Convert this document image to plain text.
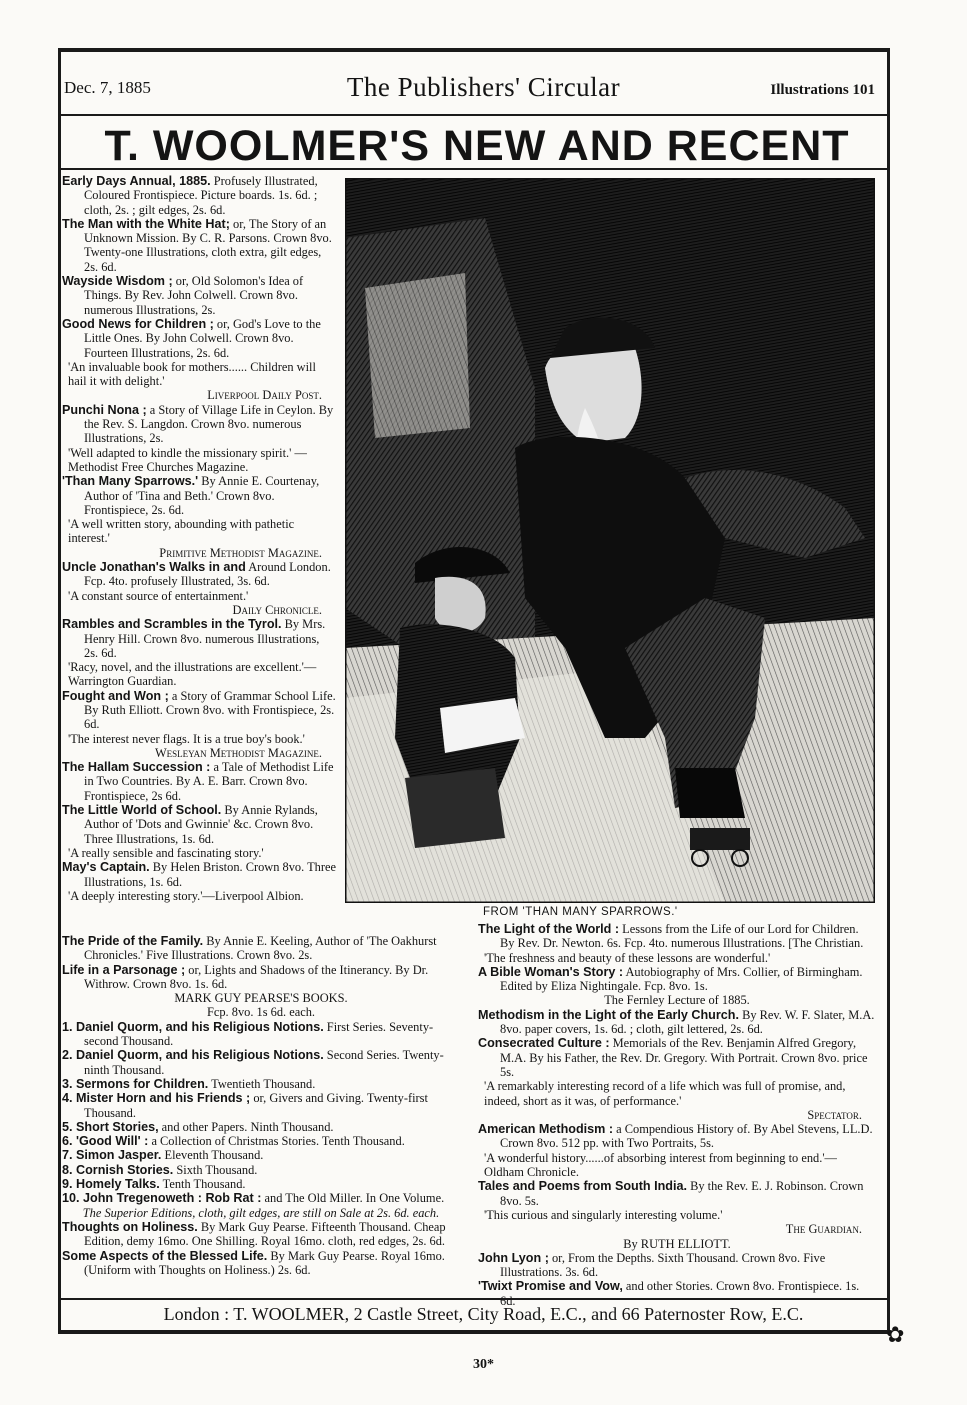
✿
Dec. 7, 1885	The Publishers' Circular	Illustrations 101
T. WOOLMER'S NEW AND RECENT

Early Days Annual, 1885. Profusely Illustrated, Coloured Frontispiece. Picture boards. 1s. 6d. ; cloth, 2s. ; gilt edges, 2s. 6d.

The Man with the White Hat; or, The Story of an Unknown Mission. By C. R. Parsons. Crown 8vo. Twenty-one Illustrations, cloth extra, gilt edges, 2s. 6d.

Wayside Wisdom ; or, Old Solomon's Idea of Things. By Rev. John Colwell. Crown 8vo. numerous Illustrations, 2s.

Good News for Children ; or, God's Love to the Little Ones. By John Colwell. Crown 8vo. Fourteen Illustrations, 2s. 6d.

'An invaluable book for mothers...... Children will hail it with delight.'

Liverpool Daily Post.

Punchi Nona ; a Story of Village Life in Ceylon. By the Rev. S. Langdon. Crown 8vo. numerous Illustrations, 2s.

'Well adapted to kindle the missionary spirit.' — Methodist Free Churches Magazine.

'Than Many Sparrows.' By Annie E. Courtenay, Author of 'Tina and Beth.' Crown 8vo. Frontispiece, 2s. 6d.

'A well written story, abounding with pathetic interest.'

Primitive Methodist Magazine.

Uncle Jonathan's Walks in and Around London. Fcp. 4to. profusely Illustrated, 3s. 6d.

'A constant source of entertainment.'

Daily Chronicle.

Rambles and Scrambles in the Tyrol. By Mrs. Henry Hill. Crown 8vo. numerous Illustrations, 2s. 6d.

'Racy, novel, and the illustrations are excellent.'—Warrington Guardian.

Fought and Won ; a Story of Grammar School Life. By Ruth Elliott. Crown 8vo. with Frontispiece, 2s. 6d.

'The interest never flags. It is a true boy's book.'

Wesleyan Methodist Magazine.

The Hallam Succession : a Tale of Methodist Life in Two Countries. By A. E. Barr. Crown 8vo. Frontispiece, 2s 6d.

The Little World of School. By Annie Rylands, Author of 'Dots and Gwinnie' &c. Crown 8vo. Three Illustrations, 1s. 6d.

'A really sensible and fascinating story.'

May's Captain. By Helen Briston. Crown 8vo. Three Illustrations, 1s. 6d.

'A deeply interesting story.'—Liverpool Albion.

FROM 'THAN MANY SPARROWS.'

The Pride of the Family. By Annie E. Keeling, Author of 'The Oakhurst Chronicles.' Five Illustrations. Crown 8vo. 2s.

Life in a Parsonage ; or, Lights and Shadows of the Itinerancy. By Dr. Withrow. Crown 8vo. 1s. 6d.

MARK GUY PEARSE'S BOOKS.

Fcp. 8vo. 1s 6d. each.

1. Daniel Quorm, and his Religious Notions. First Series. Seventy-second Thousand.

2. Daniel Quorm, and his Religious Notions. Second Series. Twenty-ninth Thousand.

3. Sermons for Children. Twentieth Thousand.

4. Mister Horn and his Friends ; or, Givers and Giving. Twenty-first Thousand.

5. Short Stories, and other Papers. Ninth Thousand.

6. 'Good Will' : a Collection of Christmas Stories. Tenth Thousand.

7. Simon Jasper. Eleventh Thousand.

8. Cornish Stories. Sixth Thousand.

9. Homely Talks. Tenth Thousand.

10. John Tregenoweth : Rob Rat : and The Old Miller. In One Volume.

The Superior Editions, cloth, gilt edges, are still on Sale at 2s. 6d. each.

Thoughts on Holiness. By Mark Guy Pearse. Fifteenth Thousand. Cheap Edition, demy 16mo. One Shilling. Royal 16mo. cloth, red edges, 2s. 6d.

Some Aspects of the Blessed Life. By Mark Guy Pearse. Royal 16mo. (Uniform with Thoughts on Holiness.) 2s. 6d.

The Light of the World : Lessons from the Life of our Lord for Children. By Rev. Dr. Newton. 6s. Fcp. 4to. numerous Illustrations. [The Christian.

'The freshness and beauty of these lessons are wonderful.'

A Bible Woman's Story : Autobiography of Mrs. Collier, of Birmingham. Edited by Eliza Nightingale. Fcp. 8vo. 1s.

The Fernley Lecture of 1885.

Methodism in the Light of the Early Church. By Rev. W. F. Slater, M.A. 8vo. paper covers, 1s. 6d. ; cloth, gilt lettered, 2s. 6d.

Consecrated Culture : Memorials of the Rev. Benjamin Alfred Gregory, M.A. By his Father, the Rev. Dr. Gregory. With Portrait. Crown 8vo. price 5s.

'A remarkably interesting record of a life which was full of promise, and, indeed, short as it was, of performance.'

Spectator.

American Methodism : a Compendious History of. By Abel Stevens, LL.D. Crown 8vo. 512 pp. with Two Portraits, 5s.

'A wonderful history......of absorbing interest from beginning to end.'—Oldham Chronicle.

Tales and Poems from South India. By the Rev. E. J. Robinson. Crown 8vo. 5s.

'This curious and singularly interesting volume.'

The Guardian.

By RUTH ELLIOTT.

John Lyon ; or, From the Depths. Sixth Thousand. Crown 8vo. Five Illustrations. 3s. 6d.

'Twixt Promise and Vow, and other Stories. Crown 8vo. Frontispiece. 1s. 6d.

London : T. WOOLMER, 2 Castle Street, City Road, E.C., and 66 Paternoster Row, E.C.
30*
